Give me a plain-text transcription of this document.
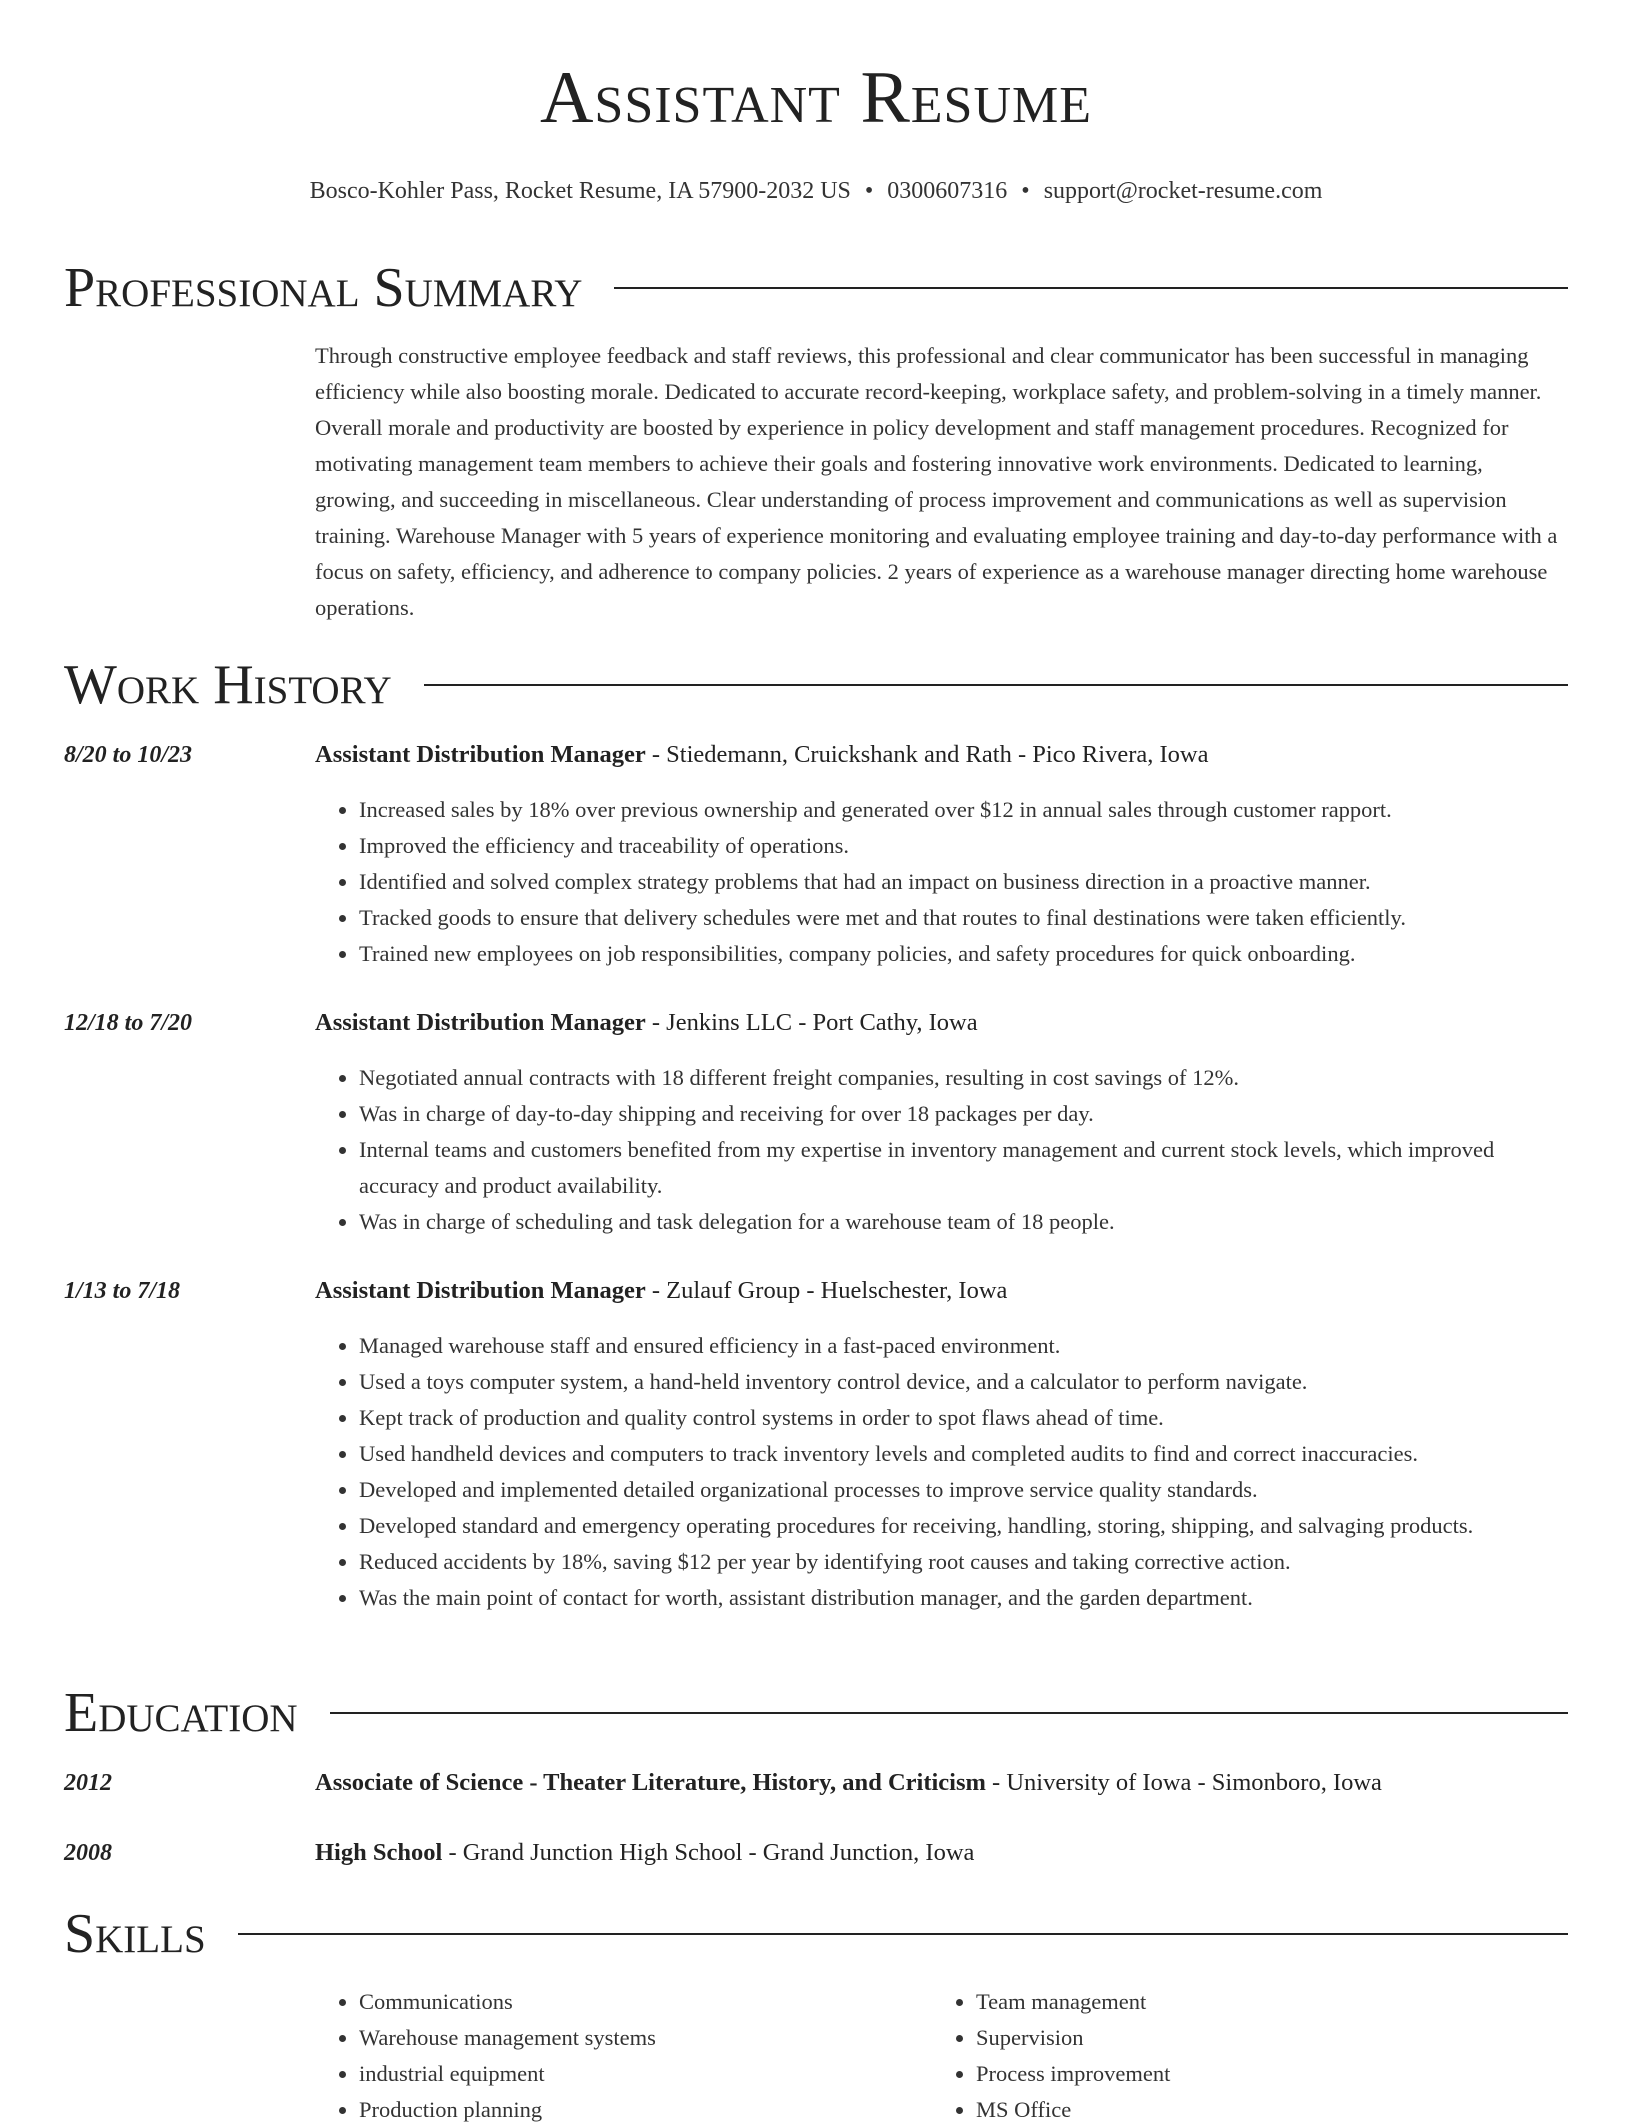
Assistant Resume
Bosco-Kohler Pass, Rocket Resume, IA 57900-2032 US • 0300607316 • support@rocket-resume.com
Professional Summary

Through constructive employee feedback and staff reviews, this professional and clear communicator has been successful in managing efficiency while also boosting morale. Dedicated to accurate record-keeping, workplace safety, and problem-solving in a timely manner. Overall morale and productivity are boosted by experience in policy development and staff management procedures. Recognized for motivating management team members to achieve their goals and fostering innovative work environments. Dedicated to learning, growing, and succeeding in miscellaneous. Clear understanding of process improvement and communications as well as supervision training. Warehouse Manager with 5 years of experience monitoring and evaluating employee training and day-to-day performance with a focus on safety, efficiency, and adherence to company policies. 2 years of experience as a warehouse manager directing home warehouse operations.

Work History
8/20 to 10/23	Assistant Distribution Manager - Stiedemann, Cruickshank and Rath - Pico Rivera, Iowa
• Increased sales by 18% over previous ownership and generated over $12 in annual sales through customer rapport.
• Improved the efficiency and traceability of operations.
• Identified and solved complex strategy problems that had an impact on business direction in a proactive manner.
• Tracked goods to ensure that delivery schedules were met and that routes to final destinations were taken efficiently.
• Trained new employees on job responsibilities, company policies, and safety procedures for quick onboarding.
12/18 to 7/20	Assistant Distribution Manager - Jenkins LLC - Port Cathy, Iowa
• Negotiated annual contracts with 18 different freight companies, resulting in cost savings of 12%.
• Was in charge of day-to-day shipping and receiving for over 18 packages per day.
• Internal teams and customers benefited from my expertise in inventory management and current stock levels, which improved accuracy and product availability.
• Was in charge of scheduling and task delegation for a warehouse team of 18 people.
1/13 to 7/18	Assistant Distribution Manager - Zulauf Group - Huelschester, Iowa
• Managed warehouse staff and ensured efficiency in a fast-paced environment.
• Used a toys computer system, a hand-held inventory control device, and a calculator to perform navigate.
• Kept track of production and quality control systems in order to spot flaws ahead of time.
• Used handheld devices and computers to track inventory levels and completed audits to find and correct inaccuracies.
• Developed and implemented detailed organizational processes to improve service quality standards.
• Developed standard and emergency operating procedures for receiving, handling, storing, shipping, and salvaging products.
• Reduced accidents by 18%, saving $12 per year by identifying root causes and taking corrective action.
• Was the main point of contact for worth, assistant distribution manager, and the garden department.
Education
2012	Associate of Science - Theater Literature, History, and Criticism - University of Iowa - Simonboro, Iowa
2008	High School - Grand Junction High School - Grand Junction, Iowa
Skills
• Communications
• Warehouse management systems
• industrial equipment
• Production planning
• Team management
• Supervision
• Process improvement
• MS Office
